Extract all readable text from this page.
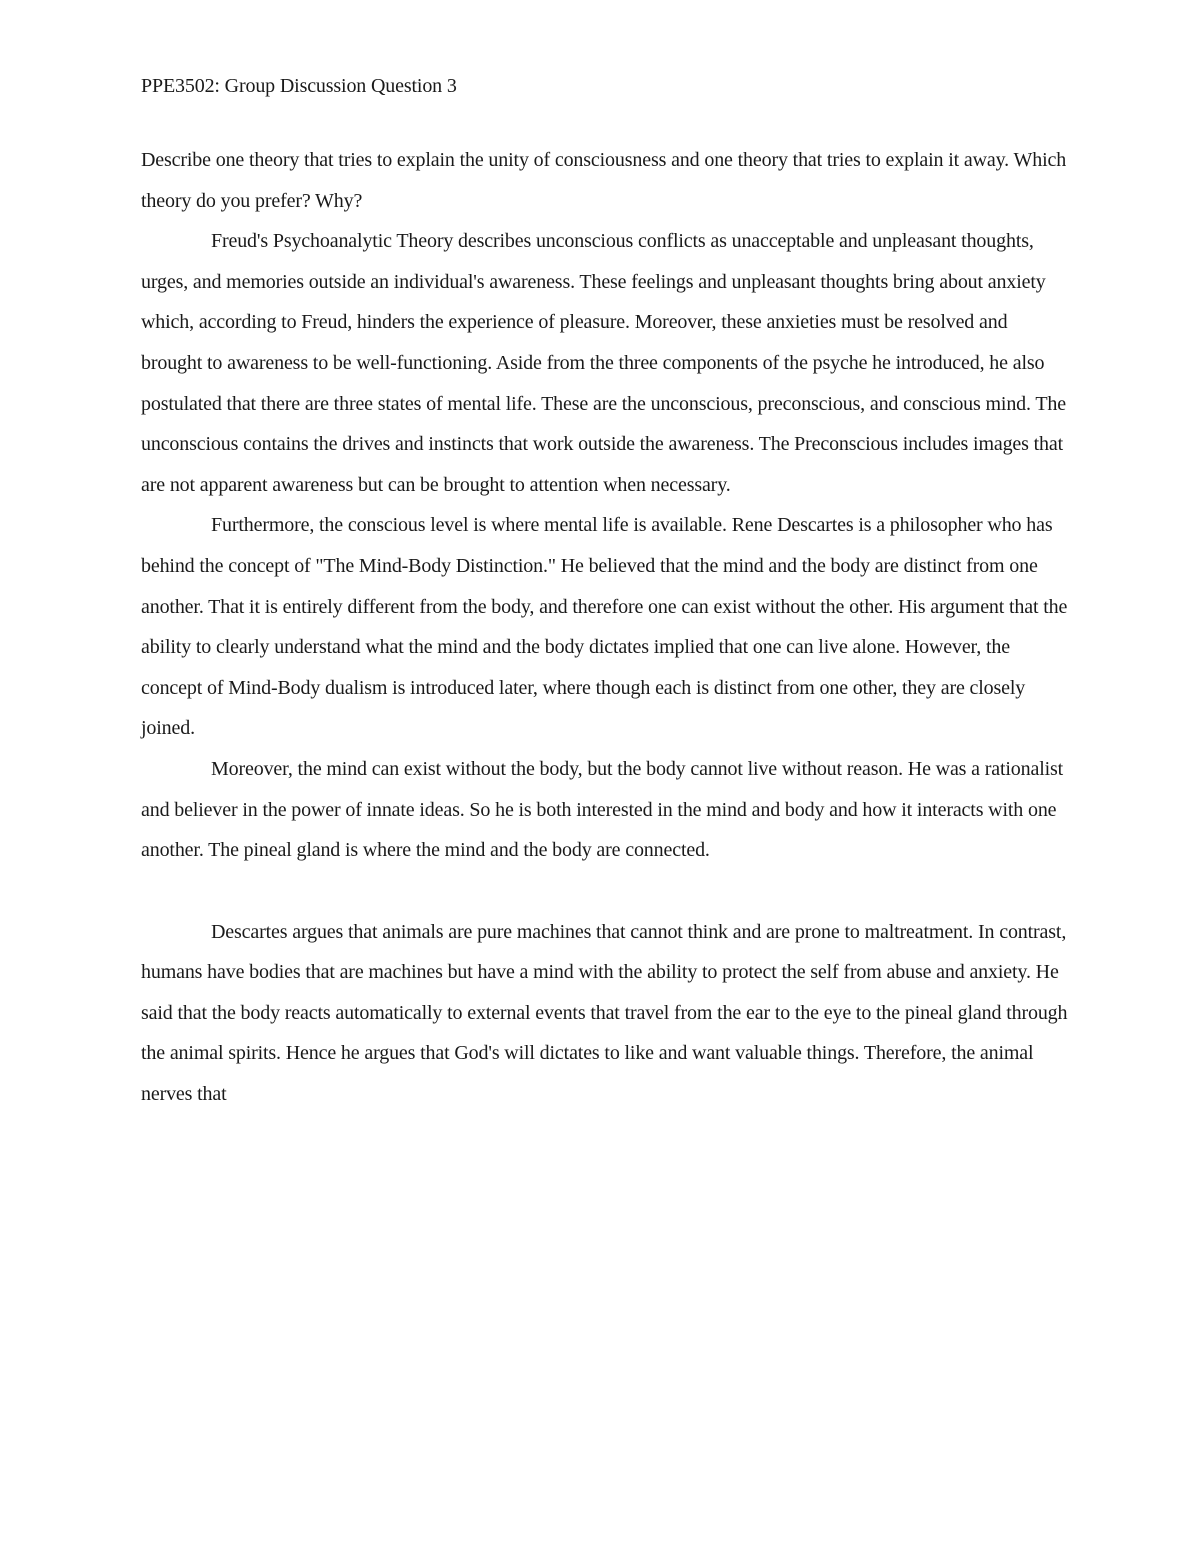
PPE3502: Group Discussion Question 3

Describe one theory that tries to explain the unity of consciousness and one theory that tries to explain it away. Which theory do you prefer? Why?

Freud's Psychoanalytic Theory describes unconscious conflicts as unacceptable and unpleasant thoughts, urges, and memories outside an individual's awareness. These feelings and unpleasant thoughts bring about anxiety which, according to Freud, hinders the experience of pleasure. Moreover, these anxieties must be resolved and brought to awareness to be well-functioning. Aside from the three components of the psyche he introduced, he also postulated that there are three states of mental life. These are the unconscious, preconscious, and conscious mind. The unconscious contains the drives and instincts that work outside the awareness. The Preconscious includes images that are not apparent awareness but can be brought to attention when necessary.

Furthermore, the conscious level is where mental life is available. Rene Descartes is a philosopher who has behind the concept of "The Mind-Body Distinction." He believed that the mind and the body are distinct from one another. That it is entirely different from the body, and therefore one can exist without the other. His argument that the ability to clearly understand what the mind and the body dictates implied that one can live alone. However, the concept of Mind-Body dualism is introduced later, where though each is distinct from one other, they are closely joined.

Moreover, the mind can exist without the body, but the body cannot live without reason. He was a rationalist and believer in the power of innate ideas. So he is both interested in the mind and body and how it interacts with one another. The pineal gland is where the mind and the body are connected.

Descartes argues that animals are pure machines that cannot think and are prone to maltreatment. In contrast, humans have bodies that are machines but have a mind with the ability to protect the self from abuse and anxiety. He said that the body reacts automatically to external events that travel from the ear to the eye to the pineal gland through the animal spirits. Hence he argues that God's will dictates to like and want valuable things. Therefore, the animal nerves that
